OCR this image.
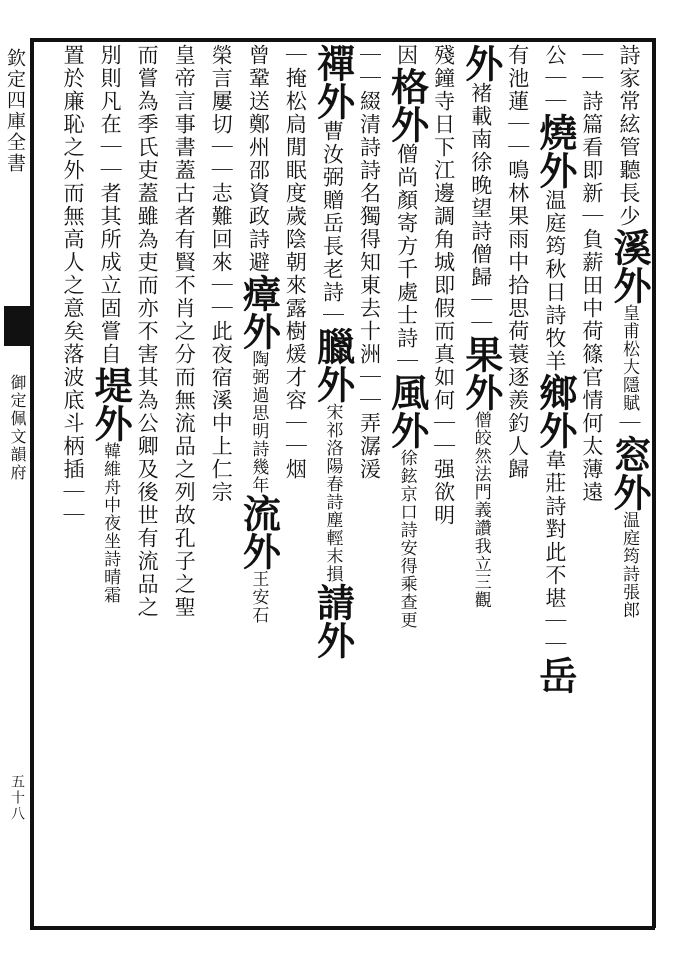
欽定四庫全書
御定佩文韻府
五十八
詩家常絃管聽長少溪外皇甫松大隱賦｜窓外温庭筠詩張郎
｜｜詩篇看即新｜負薪田中荷篠官情何太薄遠
公｜｜燒外温庭筠秋日詩牧羊鄉外韋莊詩對此不堪｜｜岳
有池蓮｜｜鳴林果雨中拾思荷蓑逐羨釣人歸
外褚載南徐晚望詩僧歸｜｜果外僧皎然法門義讚我立三觀
殘鐘寺日下江邊調角城即假而真如何｜｜强欲明
因格外僧尚顏寄方千處士詩｜風外徐鉉京口詩安得乘查更
｜｜綴清詩詩名獨得知東去十洲｜｜弄潺湲
禪外曹汝弼贈岳長老詩｜臘外宋祁洛陽春詩塵輕末損請外
｜掩松扃閒眠度歲陰朝來露樹煖才容｜｜烟
曾鞏送鄭州邵資政詩避瘴外陶弼過思明詩幾年流外王安石
榮言屢切｜｜志難回來｜｜此夜宿溪中上仁宗
皇帝言事書蓋古者有賢不肖之分而無流品之列故孔子之聖
而嘗為季氏吏蓋雖為吏而亦不害其為公卿及後世有流品之
別則凡在｜｜者其所成立固嘗自堤外韓維舟中夜坐詩晴霜
置於廉恥之外而無高人之意矣落波底斗柄插｜｜
